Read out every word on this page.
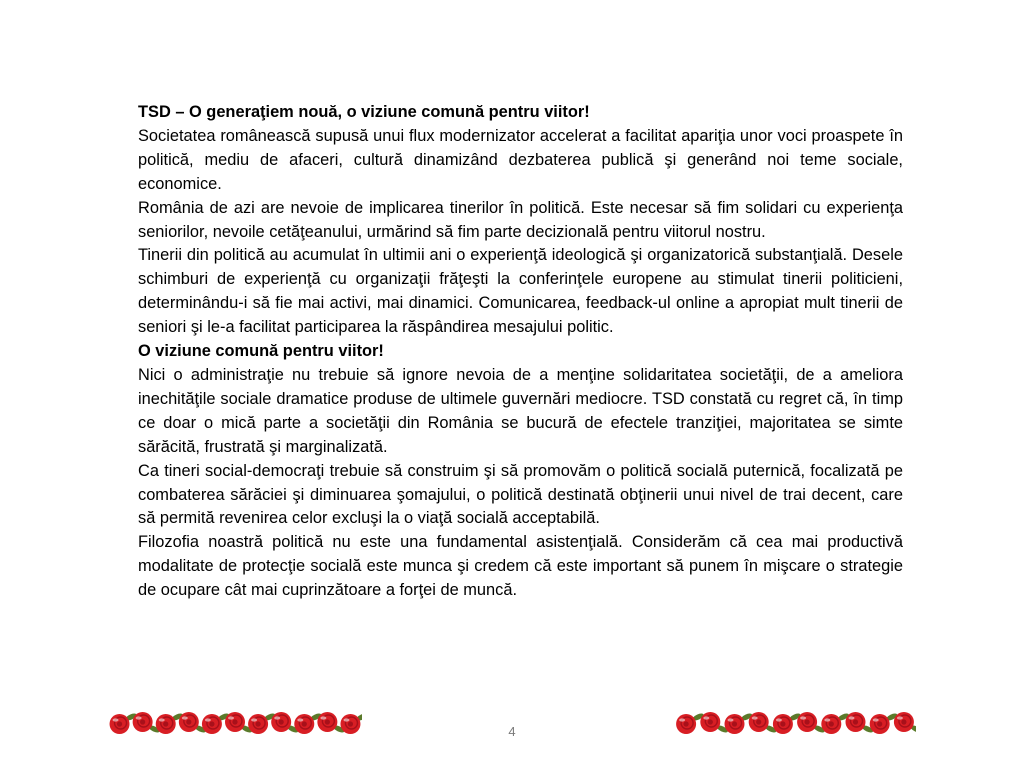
TSD – O generaţiem nouă, o viziune comună pentru viitor!

Societatea românească supusă unui flux modernizator accelerat a facilitat apariţia unor voci proaspete în politică, mediu de afaceri, cultură dinamizând dezbaterea publică şi generând noi teme sociale, economice.

România de azi are nevoie de implicarea tinerilor în politică. Este necesar să fim solidari cu experienţa seniorilor, nevoile cetăţeanului, urmărind să fim parte decizională pentru viitorul nostru.

Tinerii din politică au acumulat în ultimii ani o experienţă ideologică şi organizatorică substanţială. Desele schimburi de experienţă cu organizaţii frăţeşti la conferinţele europene au stimulat tinerii politicieni, determinându-i să fie mai activi, mai dinamici. Comunicarea, feedback-ul online a apropiat mult tinerii de seniori şi le-a facilitat participarea la răspândirea mesajului politic.

O viziune comună pentru viitor!

Nici o administraţie nu trebuie să ignore nevoia de a menţine solidaritatea societăţii, de a ameliora inechităţile sociale dramatice produse de ultimele guvernări mediocre. TSD constată cu regret că, în timp ce doar o mică parte a societăţii din România se bucură de efectele tranziţiei, majoritatea se simte sărăcită, frustrată şi marginalizată.

Ca tineri social-democraţi trebuie să construim şi să promovăm o politică socială puternică, focalizată pe combaterea sărăciei şi diminuarea şomajului, o politică destinată obţinerii unui nivel de trai decent, care să permită revenirea celor excluşi la o viaţă socială acceptabilă.

Filozofia noastră politică nu este una fundamental asistenţială. Considerăm că cea mai productivă modalitate de protecţie socială este munca şi credem că este important să punem în mişcare o strategie de ocupare cât mai cuprinzătoare a forţei de muncă.

4
